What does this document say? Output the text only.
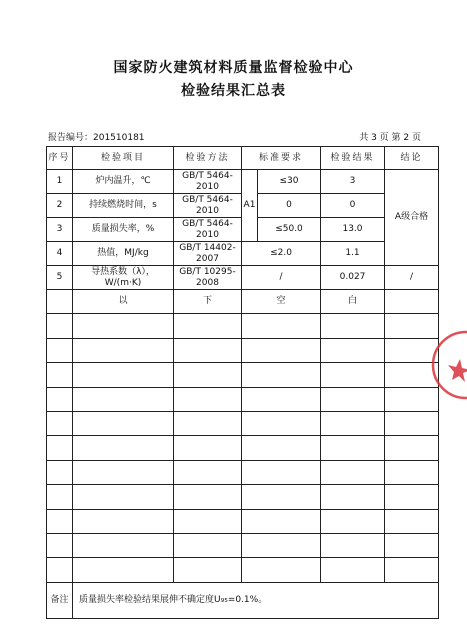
国家防火建筑材料质量监督检验中心
检验结果汇总表
报告编号：201510181	共 3 页 第 2 页
序号	检验项目	检验方法	标准要求		检验结果	结论
1	炉内温升，℃	GB/T 5464-2010	A1	≤30	3	A级合格
2	持续燃烧时间，s	GB/T 5464-2010		0	0	
3	质量损失率，%	GB/T 5464-2010		≤50.0	13.0	
4	热值，MJ/kg	GB/T 14402-2007	≤2.0		1.1	
5	导热系数（λ），
W/(m·K)	GB/T 10295-2008	/		0.027	/
	以	下	空		白	

备注	质量损失率检验结果展伸不确定度U₉₅=0.1%。					
